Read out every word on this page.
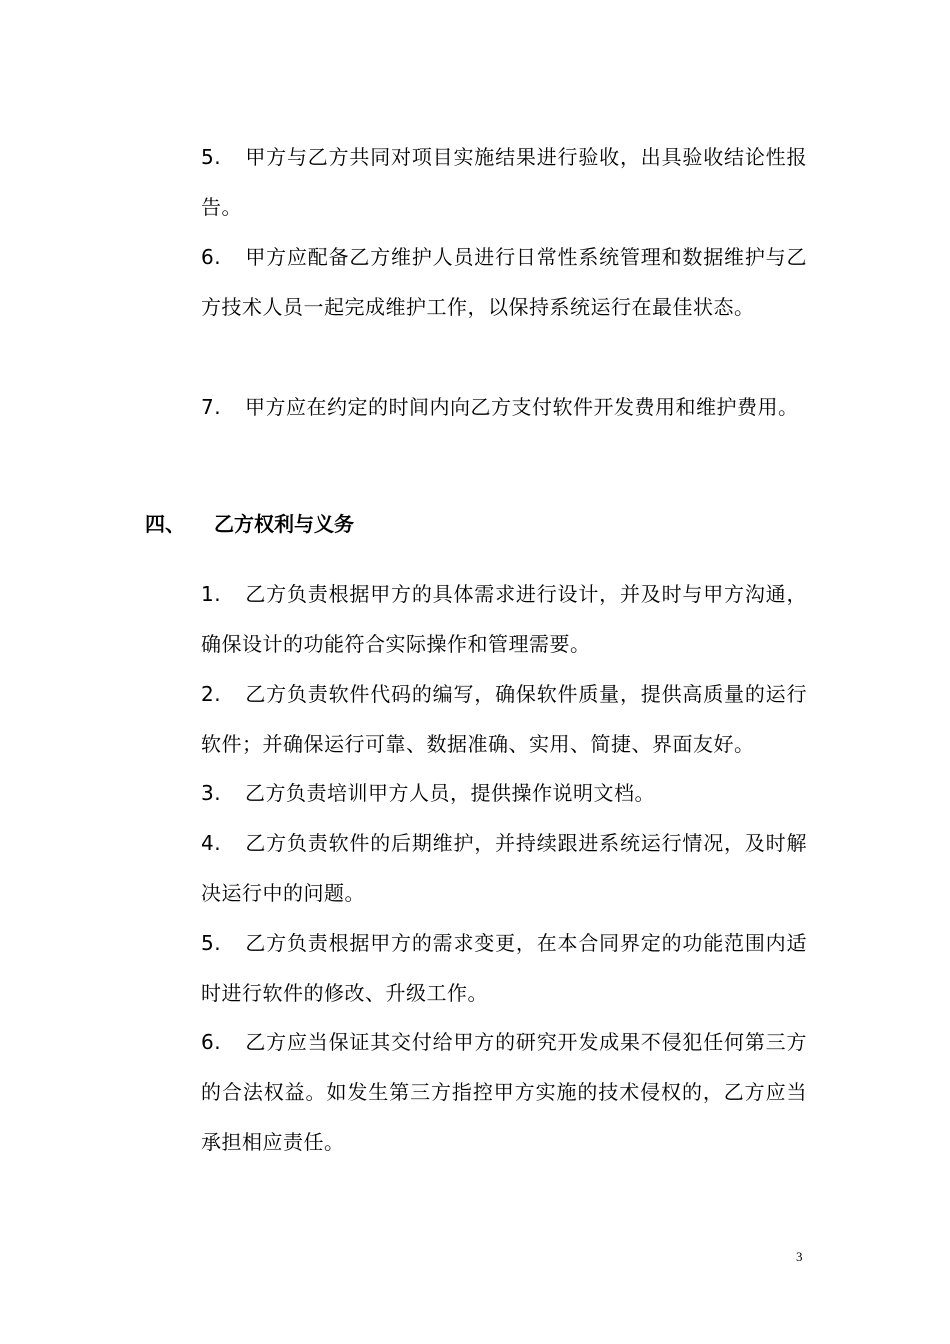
5. 甲方与乙方共同对项目实施结果进行验收，出具验收结论性报告。
6. 甲方应配备乙方维护人员进行日常性系统管理和数据维护与乙方技术人员一起完成维护工作，以保持系统运行在最佳状态。
7. 甲方应在约定的时间内向乙方支付软件开发费用和维护费用。
四、 乙方权利与义务
1. 乙方负责根据甲方的具体需求进行设计，并及时与甲方沟通，确保设计的功能符合实际操作和管理需要。
2. 乙方负责软件代码的编写，确保软件质量，提供高质量的运行软件；并确保运行可靠、数据准确、实用、简捷、界面友好。
3. 乙方负责培训甲方人员，提供操作说明文档。
4. 乙方负责软件的后期维护，并持续跟进系统运行情况，及时解决运行中的问题。
5. 乙方负责根据甲方的需求变更，在本合同界定的功能范围内适时进行软件的修改、升级工作。
6. 乙方应当保证其交付给甲方的研究开发成果不侵犯任何第三方的合法权益。如发生第三方指控甲方实施的技术侵权的，乙方应当承担相应责任。
3
